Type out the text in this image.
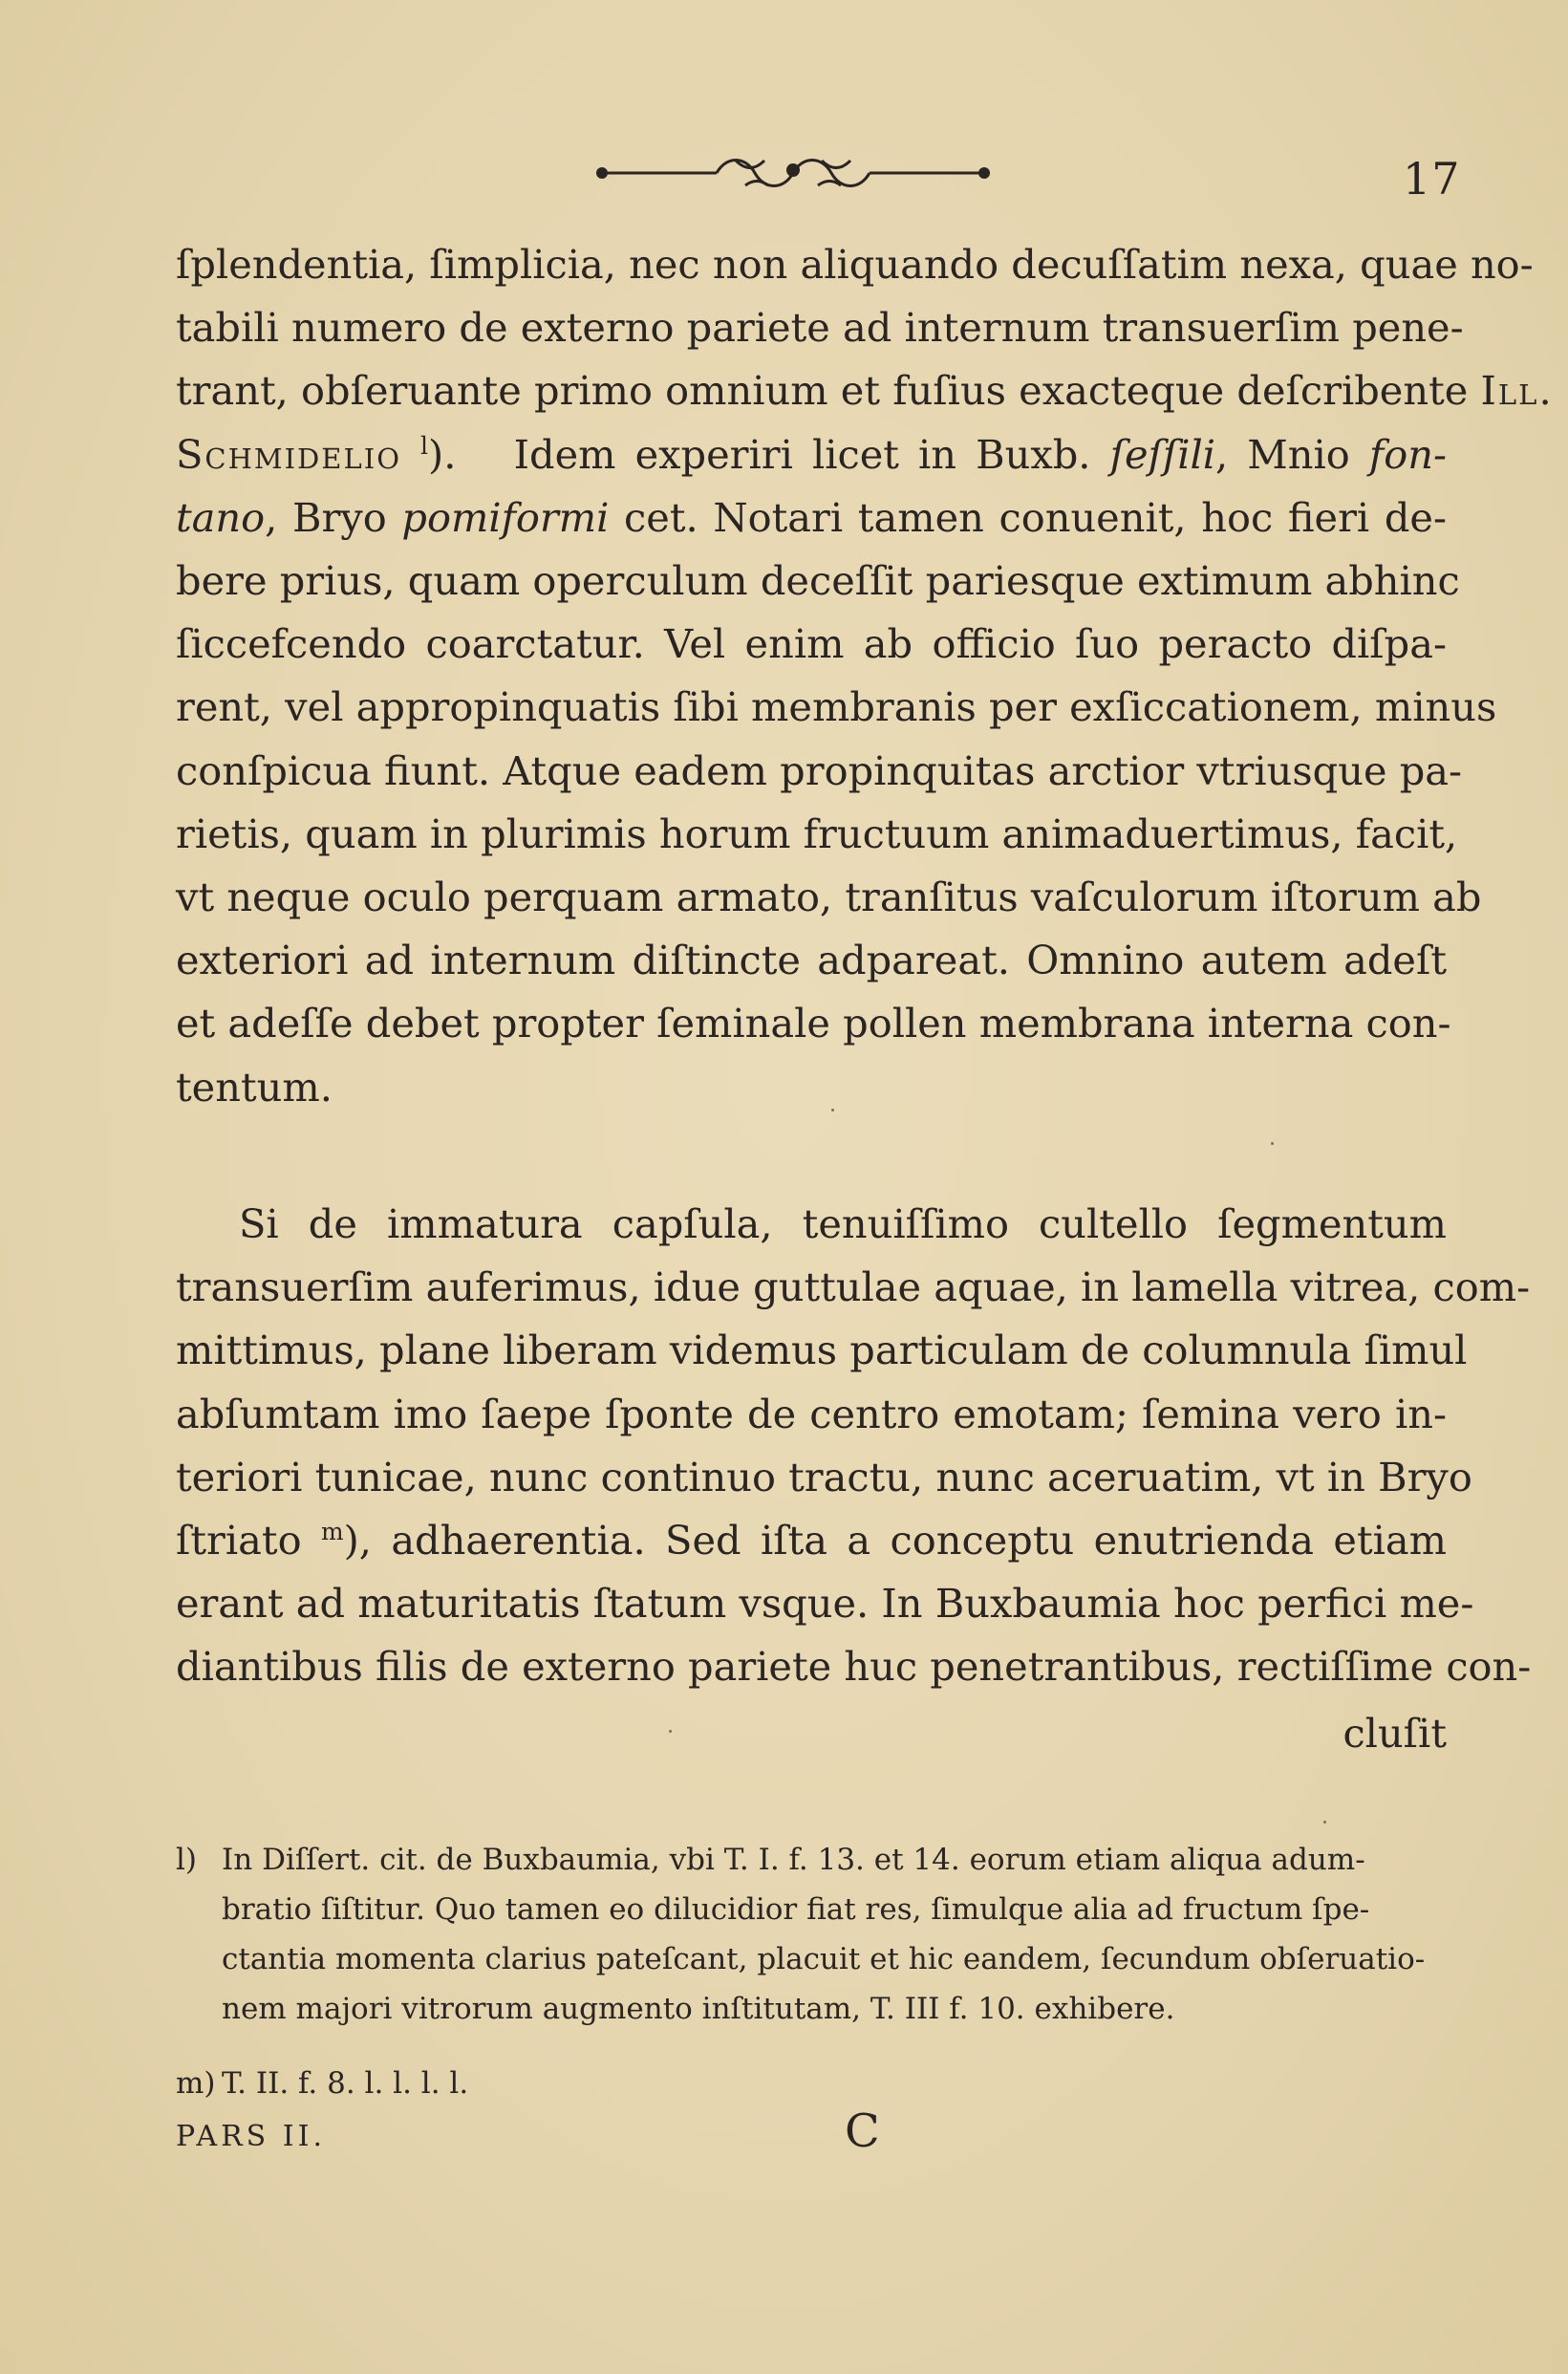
17
ſplendentia, ſimplicia, nec non aliquando decuſſatim nexa, quae no-
tabili numero de externo pariete ad internum transuerſim pene-
trant, obſeruante primo omnium et fuſius exacteque deſcribente Ill.
Schmidelio $^l$). Idem experiri licet in Buxb. ſeſſili, Mnio fon-
tano, Bryo pomiformi cet. Notari tamen conuenit, hoc fieri de-
bere prius, quam operculum deceſſit pariesque extimum abhinc
ſiccefcendo coarctatur. Vel enim ab officio ſuo peracto diſpa-
rent, vel appropinquatis ſibi membranis per exſiccationem, minus
conſpicua fiunt. Atque eadem propinquitas arctior vtriusque pa-
rietis, quam in plurimis horum fructuum animaduertimus, facit,
vt neque oculo perquam armato, tranſitus vaſculorum iſtorum ab
exteriori ad internum diſtincte adpareat. Omnino autem adeſt
et adeſſe debet propter ſeminale pollen membrana interna con-
tentum.
Si de immatura capſula, tenuiſſimo cultello ſegmentum
transuerſim auferimus, idue guttulae aquae, in lamella vitrea, com-
mittimus, plane liberam videmus particulam de columnula ſimul
abſumtam imo ſaepe ſponte de centro emotam; ſemina vero in-
teriori tunicae, nunc continuo tractu, nunc aceruatim, vt in Bryo
ſtriato $^m$), adhaerentia. Sed iſta a conceptu enutrienda etiam
erant ad maturitatis ſtatum vsque. In Buxbaumia hoc perfici me-
diantibus filis de externo pariete huc penetrantibus, rectiſſime con-
cluſit
l) In Diſſert. cit. de Buxbaumia, vbi T. I. f. 13. et 14. eorum etiam aliqua adum-
bratio ſiſtitur. Quo tamen eo dilucidior fiat res, ſimulque alia ad fructum ſpe-
ctantia momenta clarius pateſcant, placuit et hic eandem, ſecundum obſeruatio-
nem majori vitrorum augmento inſtitutam, T. III f. 10. exhibere.
m) T. II. f. 8. l. l. l. l.
PARS II.	C
